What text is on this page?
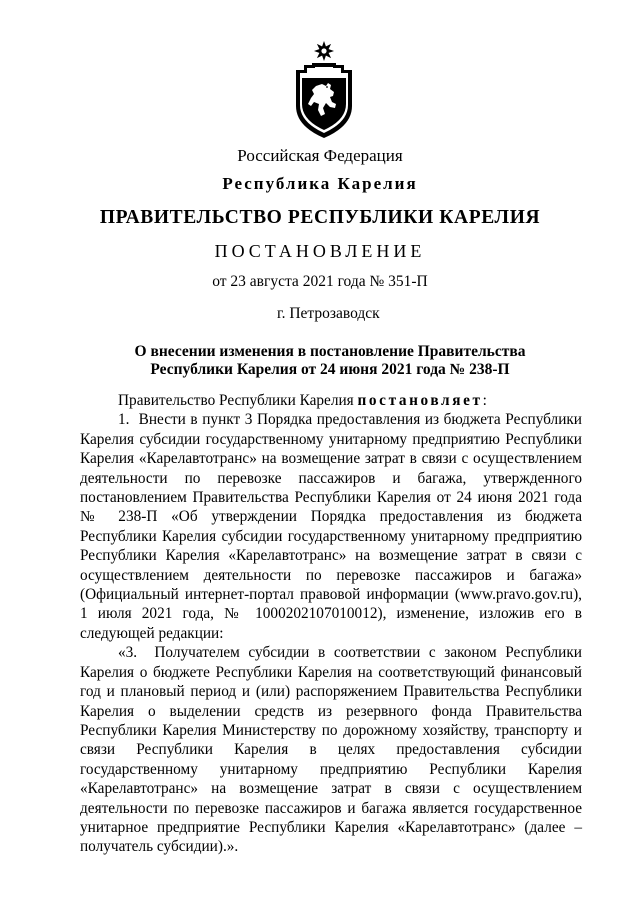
Российская Федерация
Республика Карелия
ПРАВИТЕЛЬСТВО РЕСПУБЛИКИ КАРЕЛИЯ
ПОСТАНОВЛЕНИЕ
от 23 августа 2021 года № 351-П
г. Петрозаводск
О внесении изменения в постановление Правительства
Республики Карелия от 24 июня 2021 года № 238-П

Правительство Республики Карелия постановляет:

1.  Внести в пункт 3 Порядка предоставления из бюджета Республики Карелия субсидии государственному унитарному предприятию Республики Карелия «Карелавтотранс» на возмещение затрат в связи с осуществлением деятельности по перевозке пассажиров и багажа, утвержденного постановлением Правительства Республики Карелия от 24 июня 2021 года № 238-П «Об утверждении Порядка предоставления из бюджета Республики Карелия субсидии государственному унитарному предприятию Республики Карелия «Карелавтотранс» на возмещение затрат в связи с осуществлением деятельности по перевозке пассажиров и багажа» (Официальный интернет-портал правовой информации (www.pravo.gov.ru), 1 июля 2021 года, № 1000202107010012), изменение, изложив его в следующей редакции:

«3.  Получателем субсидии в соответствии с законом Республики Карелия о бюджете Республики Карелия на соответствующий финансовый год и плановый период и (или) распоряжением Правительства Республики Карелия о выделении средств из резервного фонда Правительства Республики Карелия Министерству по дорожному хозяйству, транспорту и связи Республики Карелия в целях предоставления субсидии государственному унитарному предприятию Республики Карелия «Карелавтотранс» на возмещение затрат в связи с осуществлением деятельности по перевозке пассажиров и багажа является государственное унитарное предприятие Республики Карелия «Карелавтотранс» (далее – получатель субсидии).».
